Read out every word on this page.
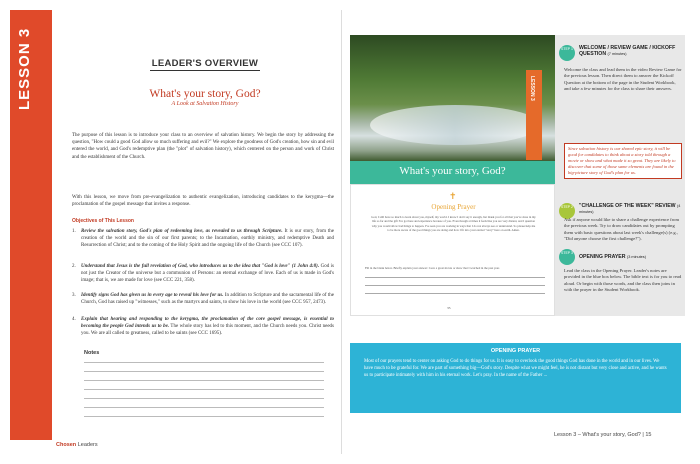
LESSON 3	LEADER'S OVERVIEW
What's your story, God?
A Look at Salvation History
The purpose of this lesson is to introduce your class to an overview of salvation history. We begin the story by addressing the question, "How could a good God allow so much suffering and evil?" We explore the goodness of God's creation, how sin and evil entered the world, and God's redemptive plan (the "plot" of salvation history), which centered on the person and work of Christ and the establishment of the Church.
With this lesson, we move from pre-evangelization to authentic evangelization, introducing candidates to the kerygma—the proclamation of the gospel message that invites a response.
Objectives of This Lesson
1.	Review the salvation story, God's plan of redeeming love, as revealed to us through Scripture. It is our story, from the creation of the world and the sin of our first parents; to the Incarnation, earthly ministry, and redemptive Death and Resurrection of Christ; and to the coming of the Holy Spirit and the ongoing life of the Church (see CCC 107).
2.	Understand that Jesus is the full revelation of God, who introduces us to the idea that "God is love" (1 John 4:8). God is not just the Creator of the universe but a communion of Persons: an eternal exchange of love. Each of us is made in God's image; that is, we are made for love (see CCC 221, 358).
3.	Identify signs God has given us in every age to reveal his love for us. In addition to Scripture and the sacramental life of the Church, God has raised up "witnesses," such as the martyrs and saints, to show his love in the world (see CCC 957, 2473).
4.	Explain that hearing and responding to the kerygma, the proclamation of the core gospel message, is essential to becoming the people God intends us to be. The whole story has led to this moment, and the Church needs you. Christ needs you. We are all called to greatness, called to be saints (see CCC 1695).
Notes
Chosen Leaders
LESSON 3
What's your story, God?
✝
Opening Prayer
God, I still have so much to learn about you, myself, my world. I know I don't say it enough, but thank you for all that you've done in my life so far and the gift I've got here and experience because of you. Even though at times it feels like you are very distant, and I question why you would allow bad things to happen. I've seen you are working in ways that I do not always see or understand. So please help me to be more aware of the good things you are doing and how I fit into your eternal "story" here on earth. Amen.
Fill in the blank below. Briefly explain your answer: I saw a great movie or show that I watched in the past year.
35
STEP 1	WELCOME / REVIEW GAME / KICKOFF QUESTION (7 minutes)
Welcome the class and lead them in the video Review Game for the previous lesson. Then direct them to answer the Kickoff Question at the bottom of the page in the Student Workbook, and take a few minutes for the class to share their answers.
Since salvation history is our shared epic story, it will be good for candidates to think about a story told through a movie or show and what made it so great. They are likely to discover that some of those same elements are found in the big-picture story of God's plan for us.
STEP 2	"CHALLENGE OF THE WEEK" REVIEW (4 minutes)
Ask if anyone would like to share a challenge experience from the previous week. Try to draw candidates out by prompting them with basic questions about last week's challenge(s) (e.g., "Did anyone choose the first challenge?").
STEP 3
OPENING PRAYER (3 minutes)
Lead the class in the Opening Prayer. Leader's notes are provided in the blue box below. The bible text is for you to read aloud. Or begin with those words, and the class then joins in with the prayer in the Student Workbook.
OPENING PRAYER
Most of our prayers tend to center on asking God to do things for us. It is easy to overlook the good things God has done in the world and in our lives. We have much to be grateful for. We are part of something big—God's story. Despite what we might feel, he is not distant but very close and active, and he wants us to participate intimately with him in his eternal work. Let's pray. In the name of the Father ...
Lesson 3 – What's your story, God? | 15
